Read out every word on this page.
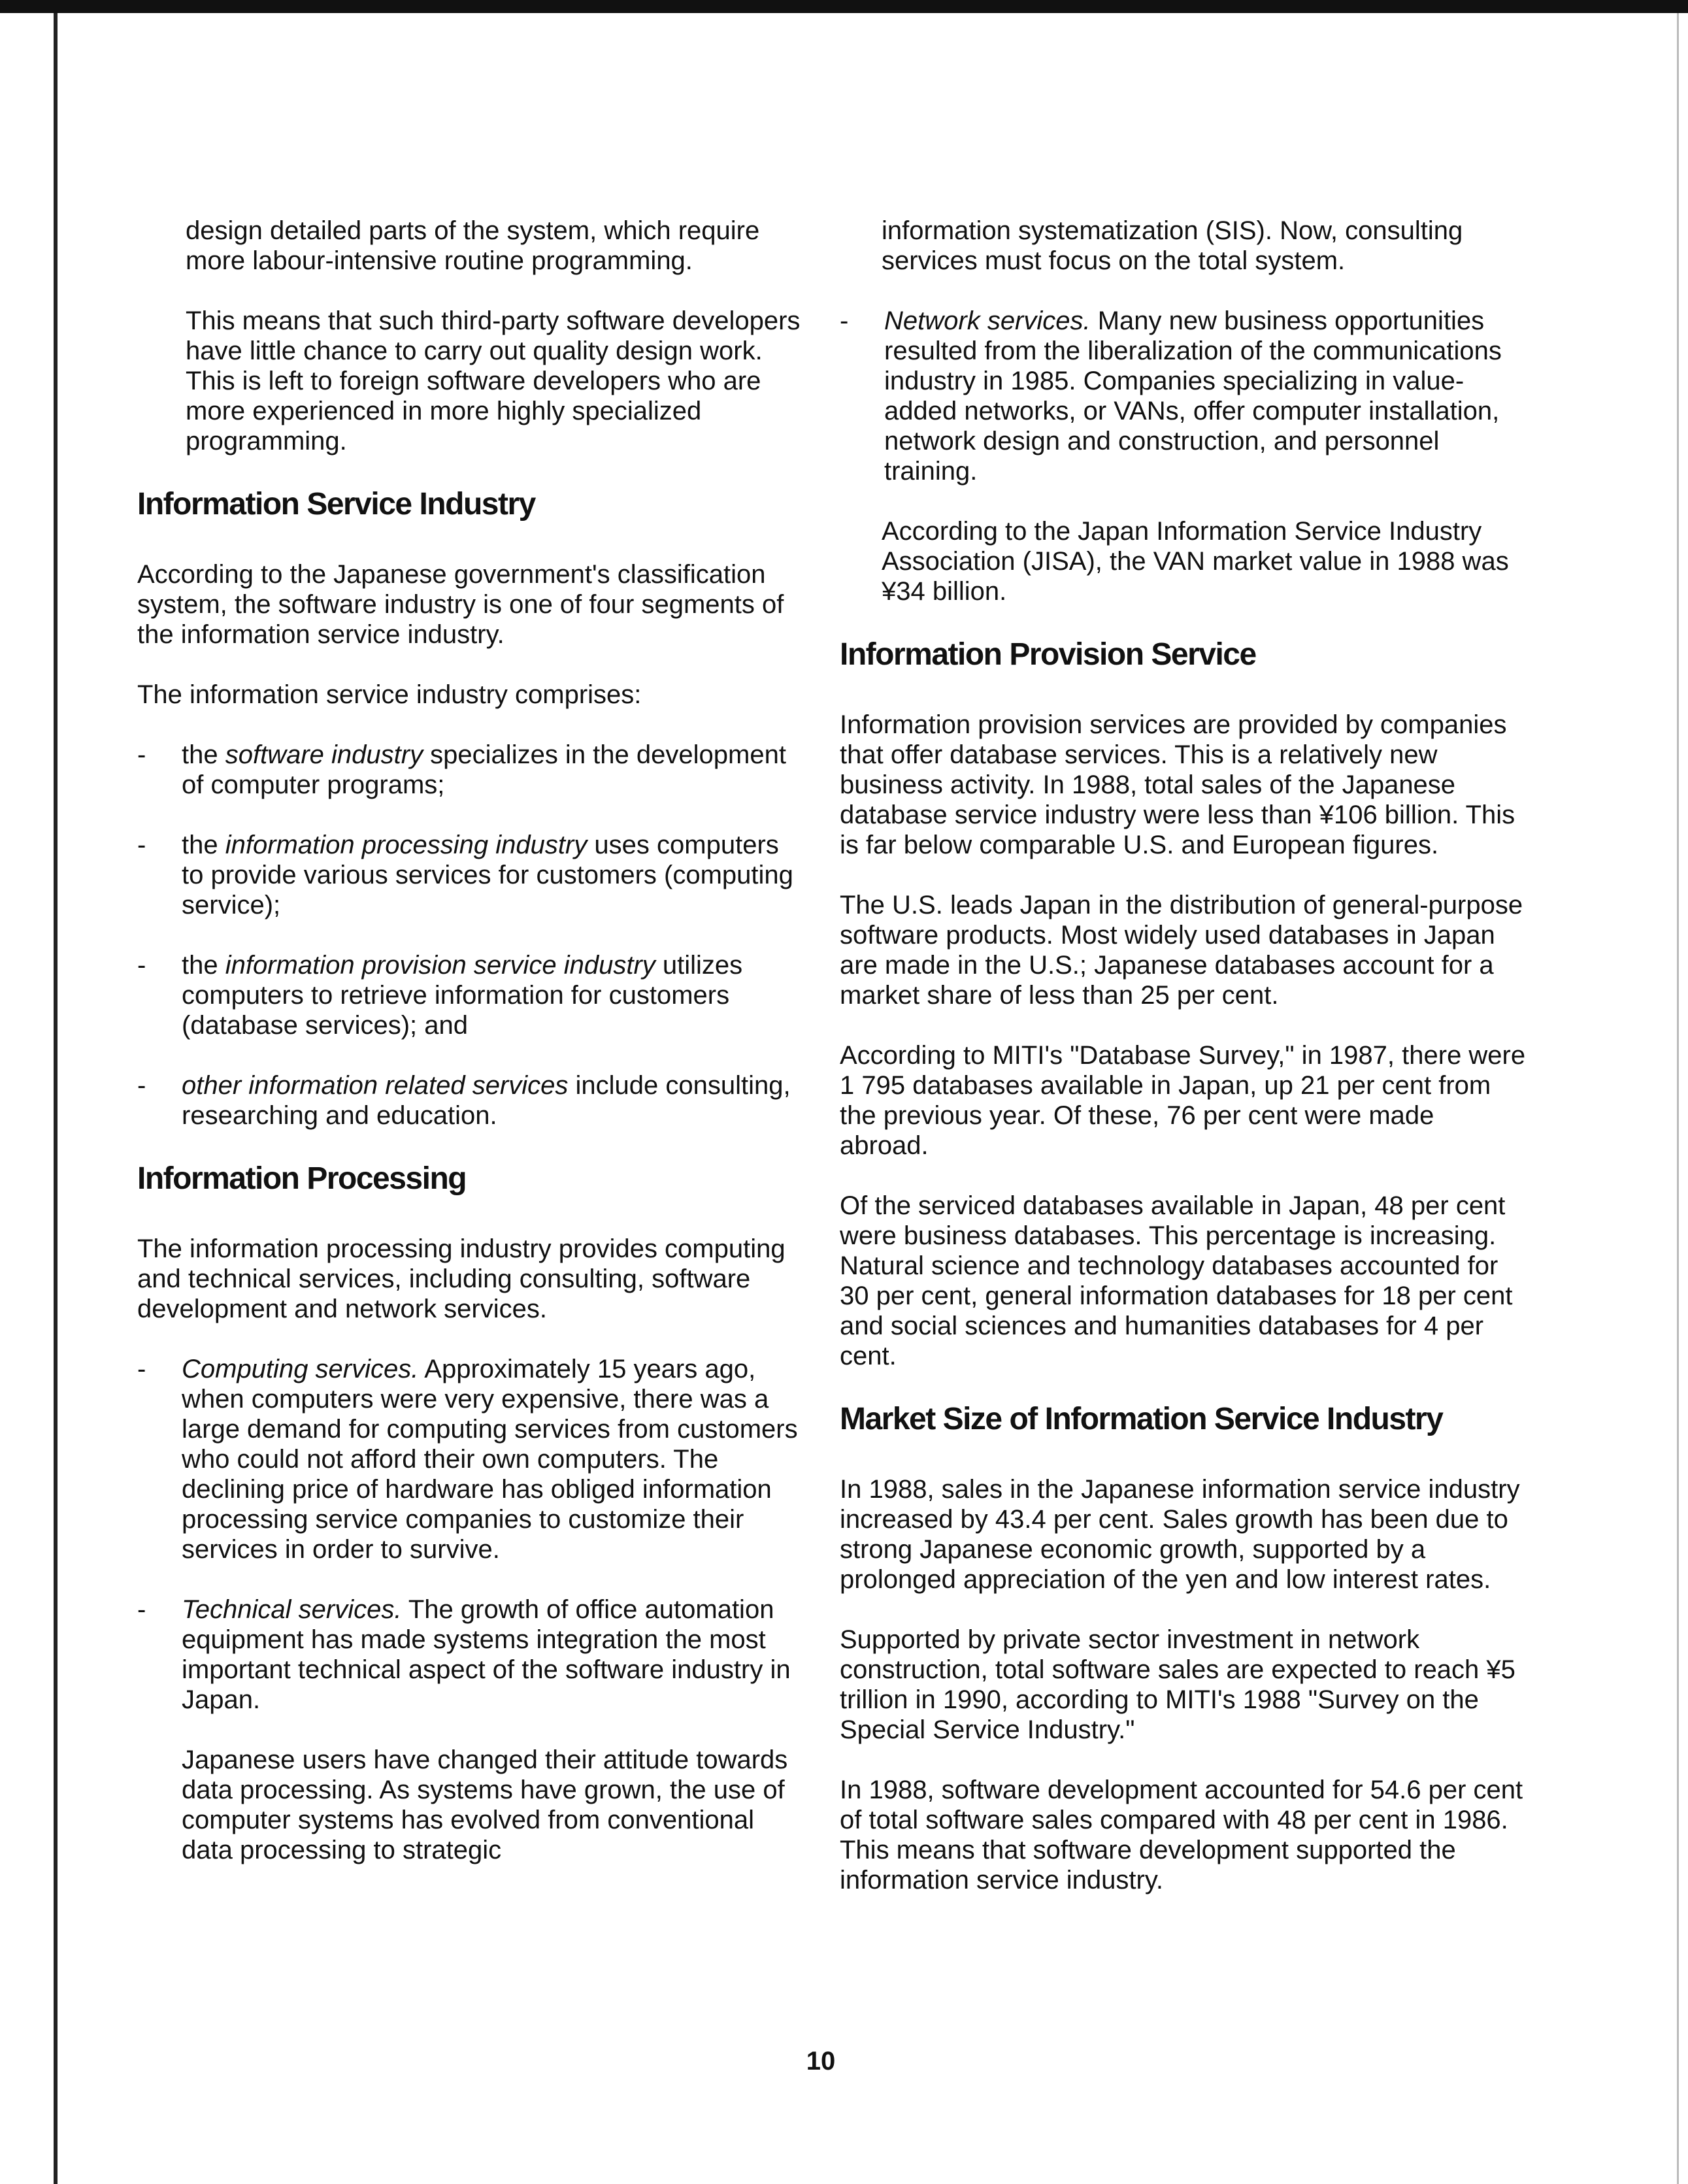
design detailed parts of the system, which require more labour-intensive routine programming.

This means that such third-party software developers have little chance to carry out quality design work. This is left to foreign software developers who are more experienced in more highly specialized programming.

Information Service Industry

According to the Japanese government's classification system, the software industry is one of four segments of the information service industry.

The information service industry comprises:

- the software industry specializes in the development of computer programs;
- the information processing industry uses computers to provide various services for customers (computing service);
- the information provision service industry utilizes computers to retrieve information for customers (database services); and
- other information related services include consulting, researching and education.
Information Processing

The information processing industry provides computing and technical services, including consulting, software development and network services.

- Computing services. Approximately 15 years ago, when computers were very expensive, there was a large demand for computing services from customers who could not afford their own computers. The declining price of hardware has obliged information processing service companies to customize their services in order to survive.
- Technical services. The growth of office automation equipment has made systems integration the most important technical aspect of the software industry in Japan.

Japanese users have changed their attitude towards data processing. As systems have grown, the use of computer systems has evolved from conventional data processing to strategic

information systematization (SIS). Now, consulting services must focus on the total system.

- Network services. Many new business opportunities resulted from the liberalization of the communications industry in 1985. Companies specializing in value-added networks, or VANs, offer computer installation, network design and construction, and personnel training.

According to the Japan Information Service Industry Association (JISA), the VAN market value in 1988 was ¥34 billion.

Information Provision Service

Information provision services are provided by companies that offer database services. This is a relatively new business activity. In 1988, total sales of the Japanese database service industry were less than ¥106 billion. This is far below comparable U.S. and European figures.

The U.S. leads Japan in the distribution of general-purpose software products. Most widely used databases in Japan are made in the U.S.; Japanese databases account for a market share of less than 25 per cent.

According to MITI's "Database Survey," in 1987, there were 1 795 databases available in Japan, up 21 per cent from the previous year. Of these, 76 per cent were made abroad.

Of the serviced databases available in Japan, 48 per cent were business databases. This percentage is increasing. Natural science and technology databases accounted for 30 per cent, general information databases for 18 per cent and social sciences and humanities databases for 4 per cent.

Market Size of Information Service Industry

In 1988, sales in the Japanese information service industry increased by 43.4 per cent. Sales growth has been due to strong Japanese economic growth, supported by a prolonged appreciation of the yen and low interest rates.

Supported by private sector investment in network construction, total software sales are expected to reach ¥5 trillion in 1990, according to MITI's 1988 "Survey on the Special Service Industry."

In 1988, software development accounted for 54.6 per cent of total software sales compared with 48 per cent in 1986. This means that software development supported the information service industry.

10
